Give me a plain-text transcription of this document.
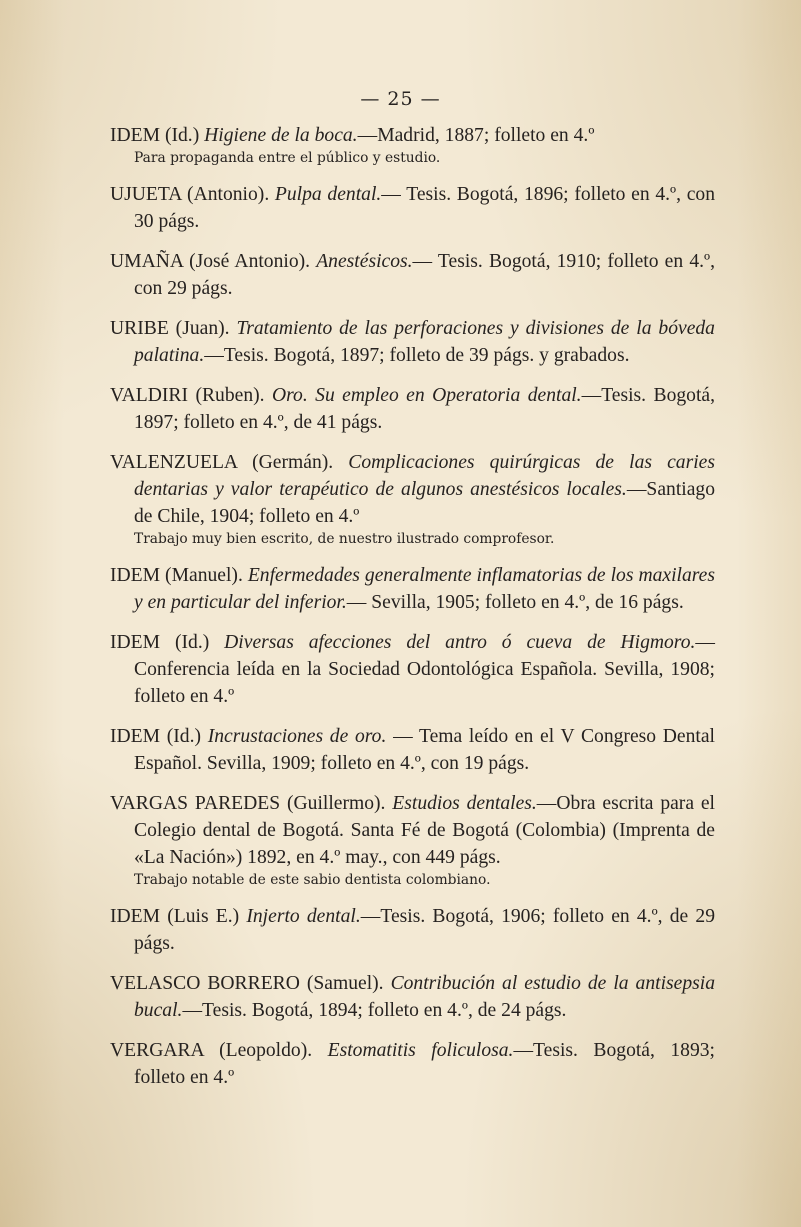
— 25 —
IDEM (Id.) Higiene de la boca.—Madrid, 1887; folleto en 4.º
Para propaganda entre el público y estudio.
UJUETA (Antonio). Pulpa dental.— Tesis. Bogotá, 1896; folleto en 4.º, con 30 págs.
UMAÑA (José Antonio). Anestésicos.— Tesis. Bogotá, 1910; folleto en 4.º, con 29 págs.
URIBE (Juan). Tratamiento de las perforaciones y divisiones de la bóveda palatina.—Tesis. Bogotá, 1897; folleto de 39 págs. y grabados.
VALDIRI (Ruben). Oro. Su empleo en Operatoria dental.—Tesis. Bogotá, 1897; folleto en 4.º, de 41 págs.
VALENZUELA (Germán). Complicaciones quirúrgicas de las caries dentarias y valor terapéutico de algunos anestésicos locales.—Santiago de Chile, 1904; folleto en 4.º
Trabajo muy bien escrito, de nuestro ilustrado comprofesor.
IDEM (Manuel). Enfermedades generalmente inflamatorias de los maxilares y en particular del inferior.— Sevilla, 1905; folleto en 4.º, de 16 págs.
IDEM (Id.) Diversas afecciones del antro ó cueva de Higmoro.—Conferencia leída en la Sociedad Odontológica Española. Sevilla, 1908; folleto en 4.º
IDEM (Id.) Incrustaciones de oro. — Tema leído en el V Congreso Dental Español. Sevilla, 1909; folleto en 4.º, con 19 págs.
VARGAS PAREDES (Guillermo). Estudios dentales.—Obra escrita para el Colegio dental de Bogotá. Santa Fé de Bogotá (Colombia) (Imprenta de «La Nación») 1892, en 4.º may., con 449 págs.
Trabajo notable de este sabio dentista colombiano.
IDEM (Luis E.) Injerto dental.—Tesis. Bogotá, 1906; folleto en 4.º, de 29 págs.
VELASCO BORRERO (Samuel). Contribución al estudio de la antisepsia bucal.—Tesis. Bogotá, 1894; folleto en 4.º, de 24 págs.
VERGARA (Leopoldo). Estomatitis foliculosa.—Tesis. Bogotá, 1893; folleto en 4.º
